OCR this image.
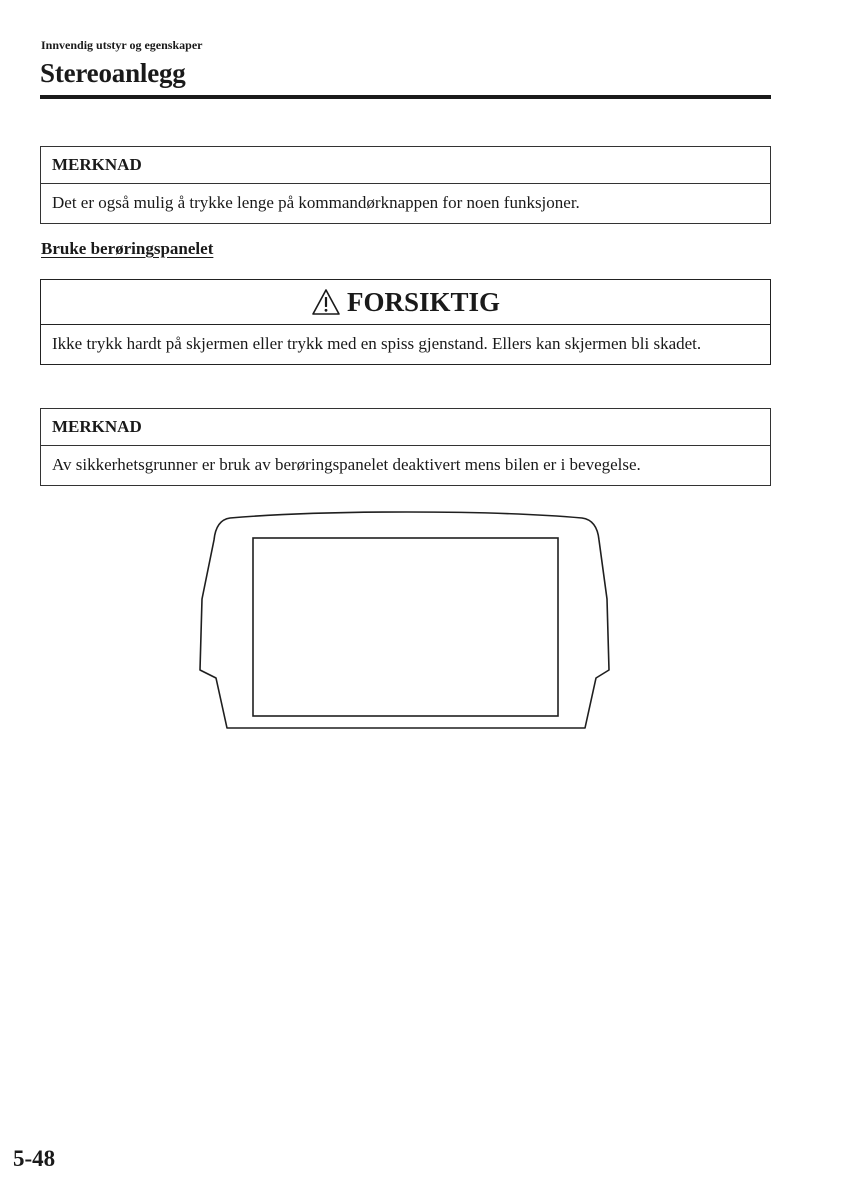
Innvendig utstyr og egenskaper
Stereoanlegg
MERKNAD
Det er også mulig å trykke lenge på kommandørknappen for noen funksjoner.
Bruke berøringspanelet
FORSIKTIG
Ikke trykk hardt på skjermen eller trykk med en spiss gjenstand. Ellers kan skjermen bli skadet.
MERKNAD
Av sikkerhetsgrunner er bruk av berøringspanelet deaktivert mens bilen er i bevegelse.
5-48
